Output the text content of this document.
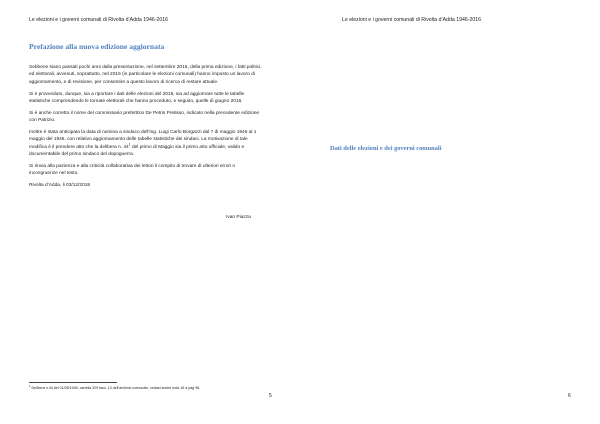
Le elezioni e i governi comunali di Rivolta d’Adda 1946-2016
Prefazione alla nuova edizione aggiornata

Sebbene siano passati pochi anni dalla presentazione, nel settembre 2015, della prima edizione, i fatti politici, ed elettorali, avvenuti, soprattutto, nel 2016 (in particolare le elezioni comunali) hanno imposto un lavoro di aggiornamento, e di revisione, per consentire a questo lavoro di ricerca di restare attuale.

Si è provveduto, dunque, sia a riportare i dati delle elezioni del 2016, sia ad aggiornare tutte le tabelle statistiche comprendendo le tornate elettorali che hanno proceduto, e seguito, quelle di giugno 2016.

Si è anche corretto il nome del commissario prefettizio De Petris Pretisso, indicato nella precedente edizione con Patrizio.

Inoltre è stata anticipata la data di nomina a sindaco dell’ing. Luigi Carlo Borgazzi dal 7 di maggio 1945 al 1 maggio del 1945, con relativo aggiornamento delle tabelle statistiche dei sindaci. La motivazione di tale modifica è il prendere atto che la delibera n. $44^1$ del primo di Maggio sia il primo atto ufficiale, valido e documentabile del primo sindaco del dopoguerra.

Si rinvia alla pazienza e alla criticità collaborativa dei lettori il compito di trovare di ulteriori errori o incongruenze nel testo.

Rivolta d’Adda, li 03/12/2018

Ivan Piazza
$^1$ Delibera n.44 del 01/05/1945, cartella 329 fasc. 13 dell’archivio comunale, vedasi anche nota 16 a pag 96.
5
Le elezioni e i governi comunali di Rivolta d’Adda 1946-2016
Dati delle elezioni e dei governi comunali
6
